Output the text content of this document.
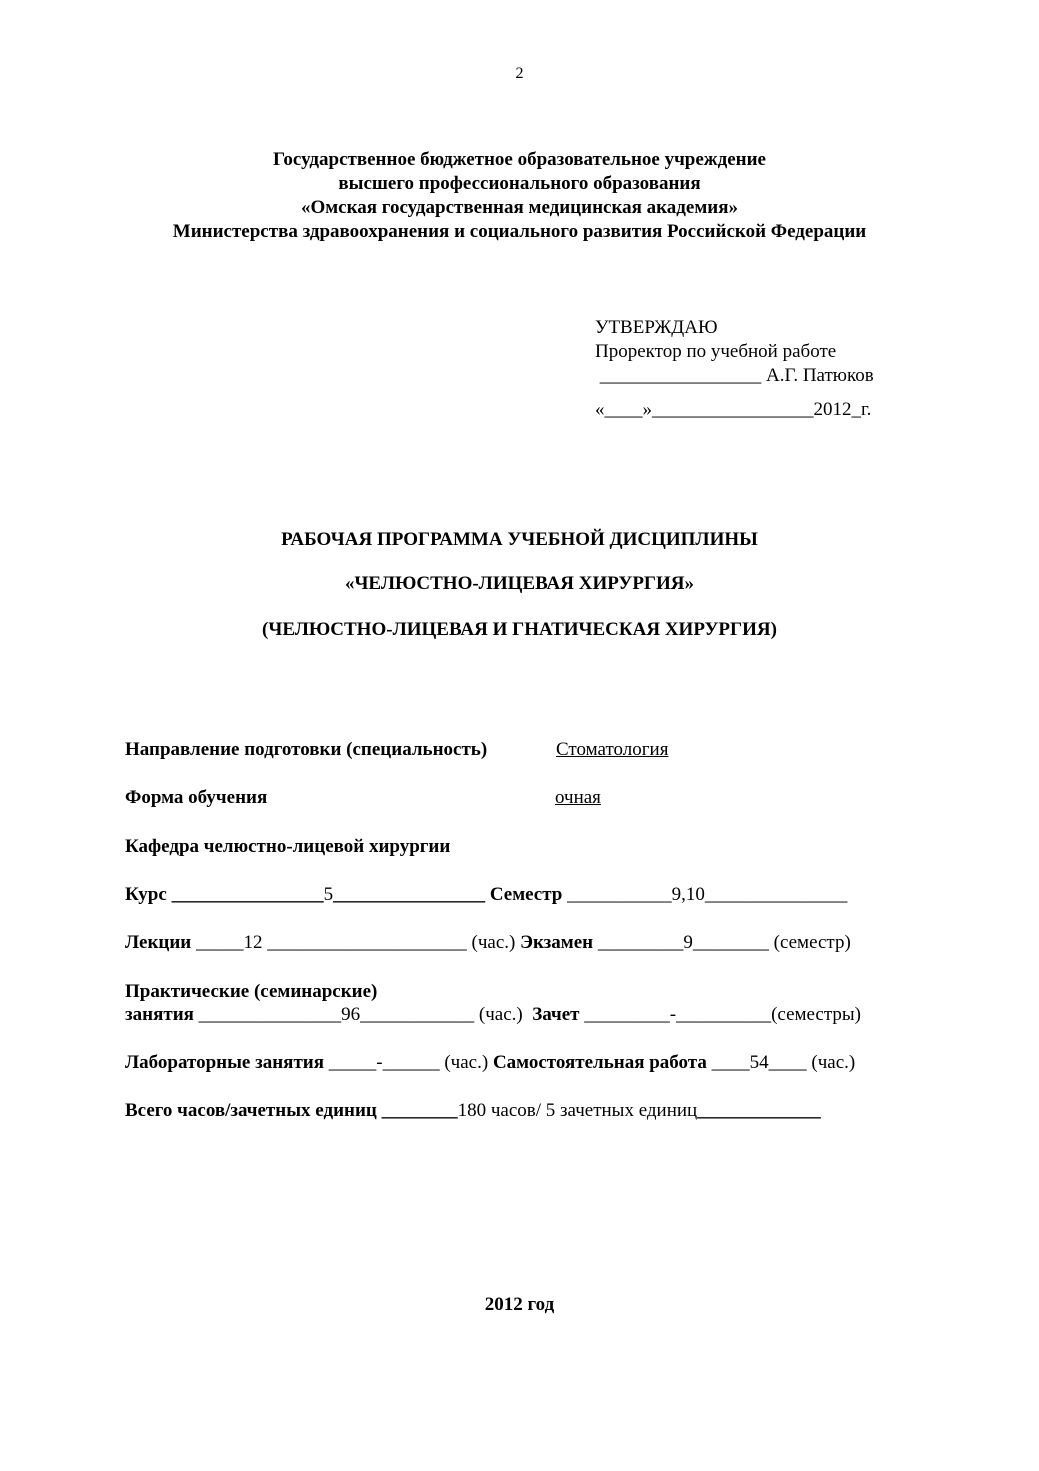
2
Государственное бюджетное образовательное учреждение
высшего профессионального образования
«Омская государственная медицинская академия»
Министерства здравоохранения и социального развития Российской Федерации
УТВЕРЖДАЮ
Проректор по учебной работе
_________________ А.Г. Патюков
«____»_________________2012_г.
РАБОЧАЯ ПРОГРАММА УЧЕБНОЙ ДИСЦИПЛИНЫ
«ЧЕЛЮСТНО-ЛИЦЕВАЯ ХИРУРГИЯ»
(ЧЕЛЮСТНО-ЛИЦЕВАЯ И ГНАТИЧЕСКАЯ ХИРУРГИЯ)
Направление подготовки (специальность)	Стоматология
Форма обучения	очная
Кафедра челюстно-лицевой хирургии
Курс ________________5________________ Семестр ___________9,10_______________
Лекции _____12 _____________________ (час.) Экзамен _________9________ (семестр)
Практические (семинарские)
занятия _______________96____________ (час.) Зачет _________-__________(семестры)
Лабораторные занятия _____-______ (час.) Самостоятельная работа ____54____ (час.)
Всего часов/зачетных единиц ________180 часов/ 5 зачетных единиц_____________
2012 год
